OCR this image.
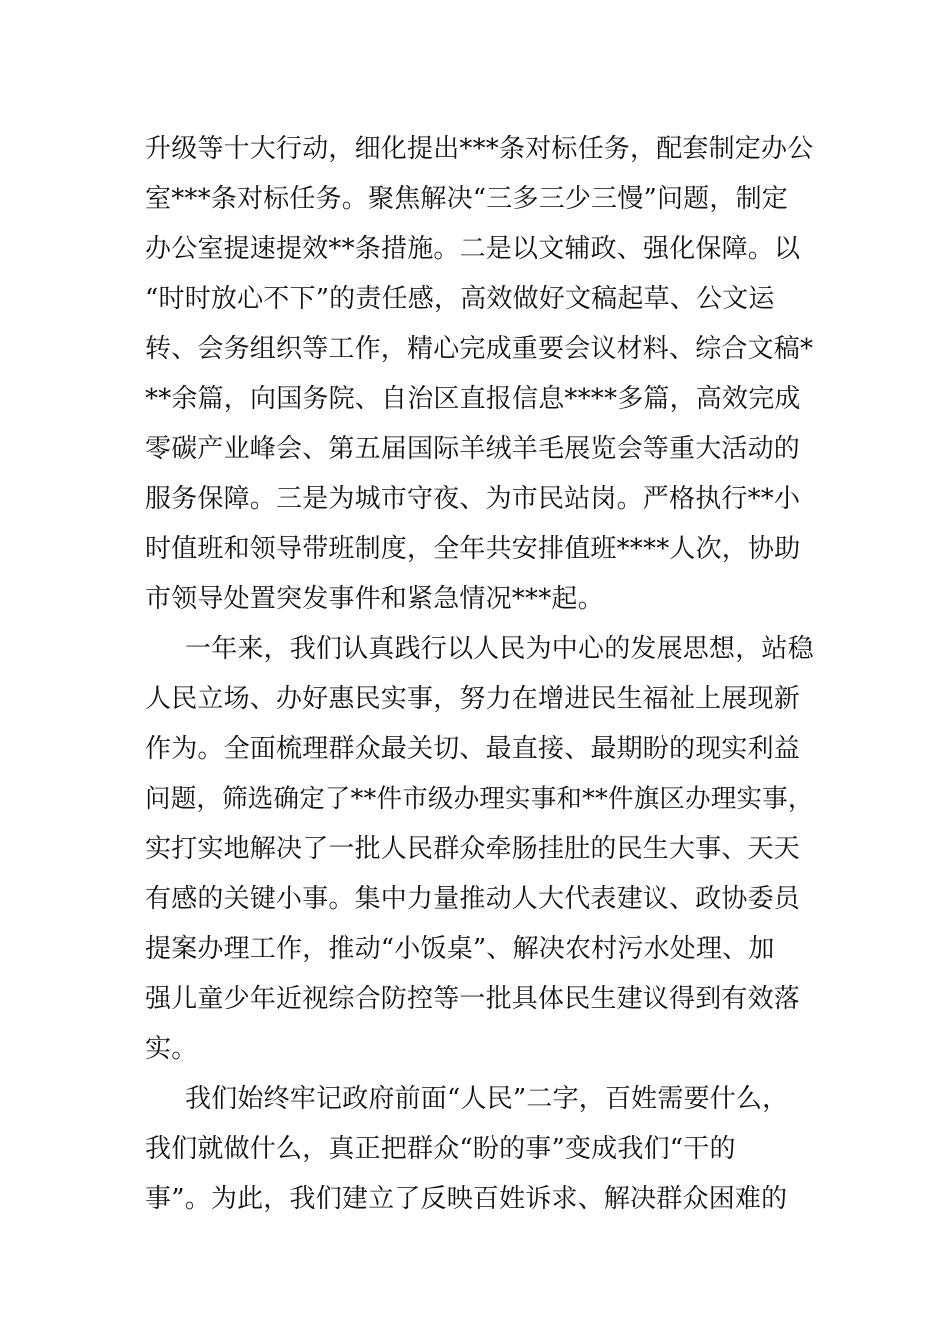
升级等十大行动，细化提出***条对标任务，配套制定办公
室***条对标任务。聚焦解决“三多三少三慢”问题，制定
办公室提速提效**条措施。二是以文辅政、强化保障。以
“时时放心不下”的责任感，高效做好文稿起草、公文运
转、会务组织等工作，精心完成重要会议材料、综合文稿*
**余篇，向国务院、自治区直报信息****多篇，高效完成
零碳产业峰会、第五届国际羊绒羊毛展览会等重大活动的
服务保障。三是为城市守夜、为市民站岗。严格执行**小
时值班和领导带班制度，全年共安排值班****人次，协助
市领导处置突发事件和紧急情况***起。
一年来，我们认真践行以人民为中心的发展思想，站稳
人民立场、办好惠民实事，努力在增进民生福祉上展现新
作为。全面梳理群众最关切、最直接、最期盼的现实利益
问题，筛选确定了**件市级办理实事和**件旗区办理实事，
实打实地解决了一批人民群众牵肠挂肚的民生大事、天天
有感的关键小事。集中力量推动人大代表建议、政协委员
提案办理工作，推动“小饭桌”、解决农村污水处理、加
强儿童少年近视综合防控等一批具体民生建议得到有效落
实。
我们始终牢记政府前面“人民”二字，百姓需要什么，
我们就做什么，真正把群众“盼的事”变成我们“干的
事”。为此，我们建立了反映百姓诉求、解决群众困难的
